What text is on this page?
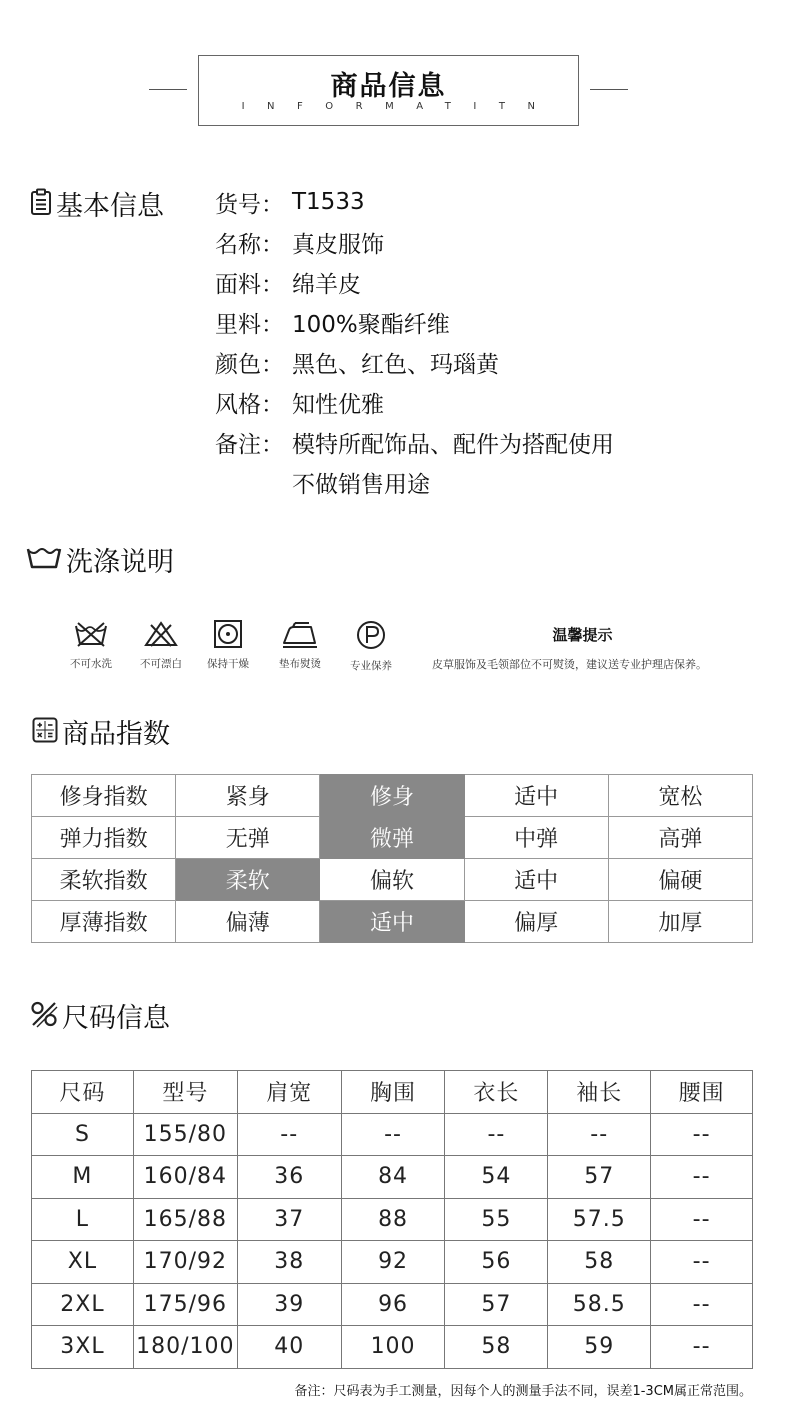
商品信息
INFORMATITN
基本信息 货号： T1533
名称： 真皮服饰
面料： 绵羊皮
里料： 100%聚酯纤维
颜色： 黑色、红色、玛瑙黄
风格： 知性优雅
备注： 模特所配饰品、配件为搭配使用
不做销售用途
洗涤说明
不可水洗	不可漂白	保持干燥	垫布熨烫	专业保养
温馨提示
皮草服饰及毛领部位不可熨烫，建议送专业护理店保养。
商品指数
修身指数	紧身	修身	适中	宽松
弹力指数	无弹	微弹	中弹	高弹
柔软指数	柔软	偏软	适中	偏硬
厚薄指数	偏薄	适中	偏厚	加厚
尺码信息
尺码	型号	肩宽	胸围	衣长	袖长	腰围
S	155/80	--	--	--	--	--
M	160/84	36	84	54	57	--
L	165/88	37	88	55	57.5	--
XL	170/92	38	92	56	58	--
2XL	175/96	39	96	57	58.5	--
3XL	180/100	40	100	58	59	--
备注：尺码表为手工测量，因每个人的测量手法不同，误差1-3CM属正常范围。
